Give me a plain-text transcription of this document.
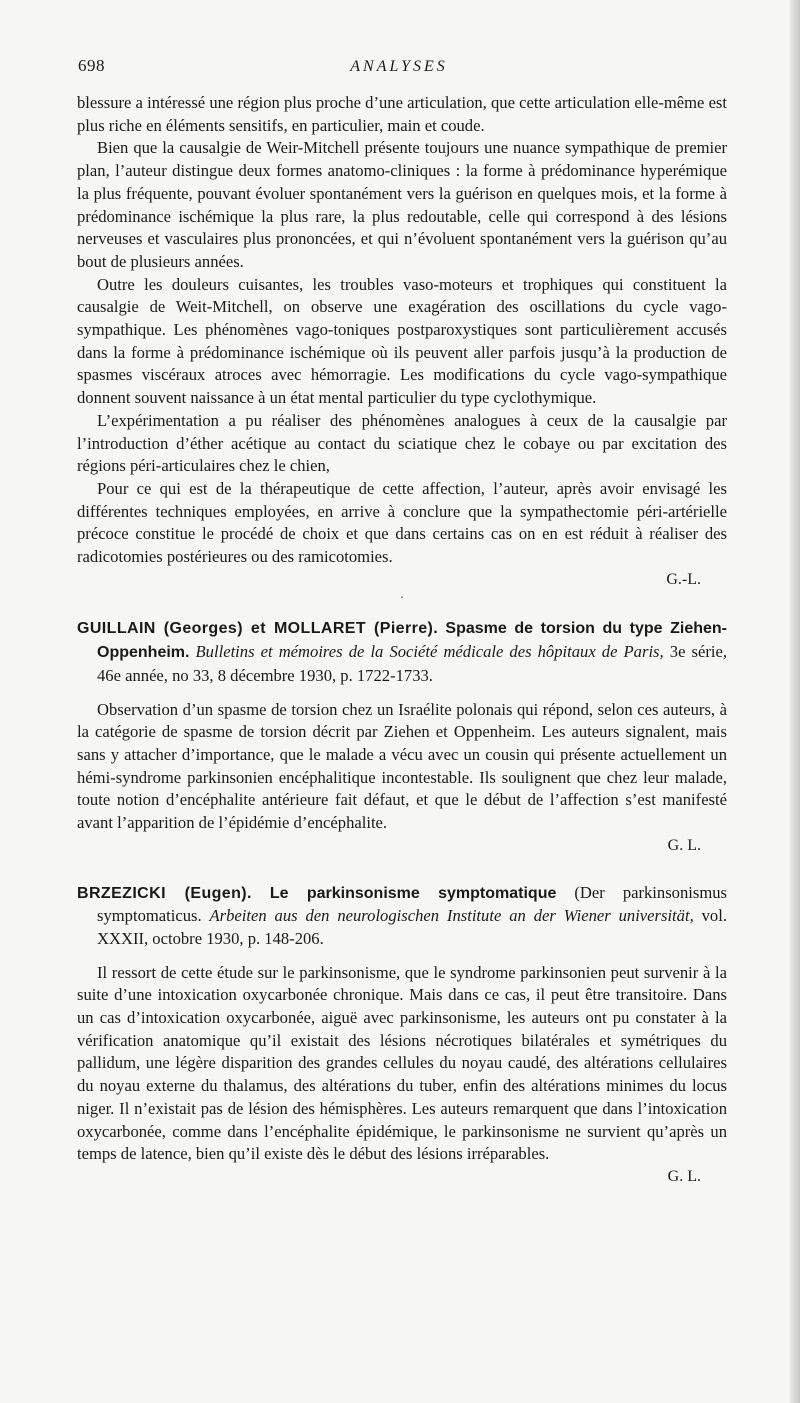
698	ANALYSES

blessure a intéressé une région plus proche d’une articulation, que cette articulation elle-même est plus riche en éléments sensitifs, en particulier, main et coude.

Bien que la causalgie de Weir-Mitchell présente toujours une nuance sympathique de premier plan, l’auteur distingue deux formes anatomo-cliniques : la forme à prédominance hyperémique la plus fréquente, pouvant évoluer spontanément vers la guérison en quelques mois, et la forme à prédominance ischémique la plus rare, la plus redoutable, celle qui correspond à des lésions nerveuses et vasculaires plus prononcées, et qui n’évoluent spontanément vers la guérison qu’au bout de plusieurs années.

Outre les douleurs cuisantes, les troubles vaso-moteurs et trophiques qui constituent la causalgie de Weit-Mitchell, on observe une exagération des oscillations du cycle vago-sympathique. Les phénomènes vago-toniques postparoxystiques sont particulièrement accusés dans la forme à prédominance ischémique où ils peuvent aller parfois jusqu’à la production de spasmes viscéraux atroces avec hémorragie. Les modifications du cycle vago-sympathique donnent souvent naissance à un état mental particulier du type cyclothymique.

L’expérimentation a pu réaliser des phénomènes analogues à ceux de la causalgie par l’introduction d’éther acétique au contact du sciatique chez le cobaye ou par excitation des régions péri-articulaires chez le chien,

Pour ce qui est de la thérapeutique de cette affection, l’auteur, après avoir envisagé les différentes techniques employées, en arrive à conclure que la sympathectomie péri-artérielle précoce constitue le procédé de choix et que dans certains cas on en est réduit à réaliser des radicotomies postérieures ou des ramicotomies.

G.-L.

.

GUILLAIN (Georges) et MOLLARET (Pierre). Spasme de torsion du type Ziehen-Oppenheim. Bulletins et mémoires de la Société médicale des hôpitaux de Paris, 3e série, 46e année, no 33, 8 décembre 1930, p. 1722-1733.

Observation d’un spasme de torsion chez un Israélite polonais qui répond, selon ces auteurs, à la catégorie de spasme de torsion décrit par Ziehen et Oppenheim. Les auteurs signalent, mais sans y attacher d’importance, que le malade a vécu avec un cousin qui présente actuellement un hémi-syndrome parkinsonien encéphalitique incontestable. Ils soulignent que chez leur malade, toute notion d’encéphalite antérieure fait défaut, et que le début de l’affection s’est manifesté avant l’apparition de l’épidémie d’encéphalite.

G. L.

BRZEZICKI (Eugen). Le parkinsonisme symptomatique (Der parkinsonismus symptomaticus. Arbeiten aus den neurologischen Institute an der Wiener universität, vol. XXXII, octobre 1930, p. 148-206.

Il ressort de cette étude sur le parkinsonisme, que le syndrome parkinsonien peut survenir à la suite d’une intoxication oxycarbonée chronique. Mais dans ce cas, il peut être transitoire. Dans un cas d’intoxication oxycarbonée, aiguë avec parkinsonisme, les auteurs ont pu constater à la vérification anatomique qu’il existait des lésions nécrotiques bilatérales et symétriques du pallidum, une légère disparition des grandes cellules du noyau caudé, des altérations cellulaires du noyau externe du thalamus, des altérations du tuber, enfin des altérations minimes du locus niger. Il n’existait pas de lésion des hémisphères. Les auteurs remarquent que dans l’intoxication oxycarbonée, comme dans l’encéphalite épidémique, le parkinsonisme ne survient qu’après un temps de latence, bien qu’il existe dès le début des lésions irréparables.

G. L.
